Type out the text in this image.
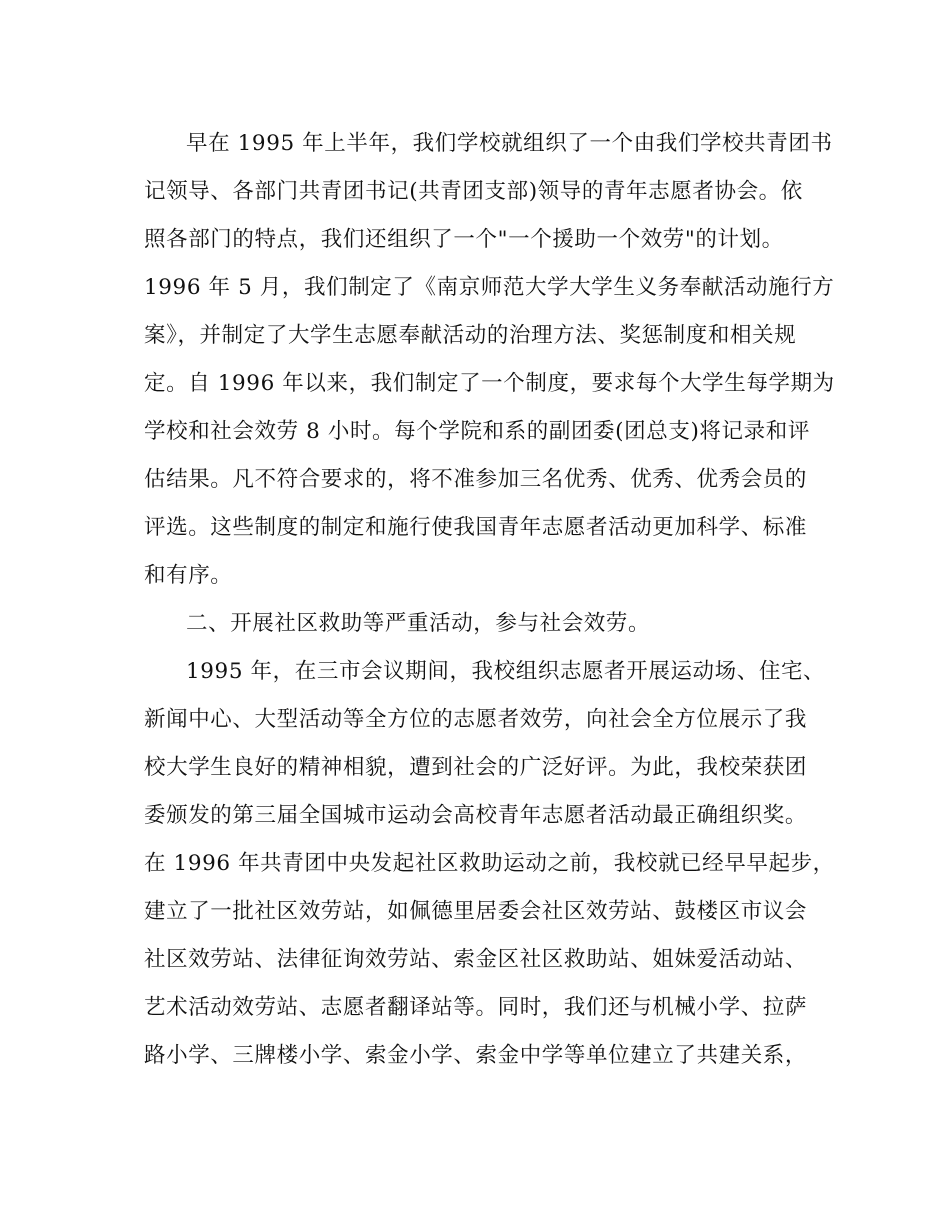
早在 1995 年上半年，我们学校就组织了一个由我们学校共青团书
记领导、各部门共青团书记(共青团支部)领导的青年志愿者协会。依
照各部门的特点，我们还组织了一个"一个援助一个效劳"的计划。
1996 年 5 月，我们制定了《南京师范大学大学生义务奉献活动施行方
案》，并制定了大学生志愿奉献活动的治理方法、奖惩制度和相关规
定。自 1996 年以来，我们制定了一个制度，要求每个大学生每学期为
学校和社会效劳 8 小时。每个学院和系的副团委(团总支)将记录和评
估结果。凡不符合要求的，将不准参加三名优秀、优秀、优秀会员的
评选。这些制度的制定和施行使我国青年志愿者活动更加科学、标准
和有序。
二、开展社区救助等严重活动，参与社会效劳。
1995 年，在三市会议期间，我校组织志愿者开展运动场、住宅、
新闻中心、大型活动等全方位的志愿者效劳，向社会全方位展示了我
校大学生良好的精神相貌，遭到社会的广泛好评。为此，我校荣获团
委颁发的第三届全国城市运动会高校青年志愿者活动最正确组织奖。
在 1996 年共青团中央发起社区救助运动之前，我校就已经早早起步，
建立了一批社区效劳站，如佩德里居委会社区效劳站、鼓楼区市议会
社区效劳站、法律征询效劳站、索金区社区救助站、姐妹爱活动站、
艺术活动效劳站、志愿者翻译站等。同时，我们还与机械小学、拉萨
路小学、三牌楼小学、索金小学、索金中学等单位建立了共建关系，
